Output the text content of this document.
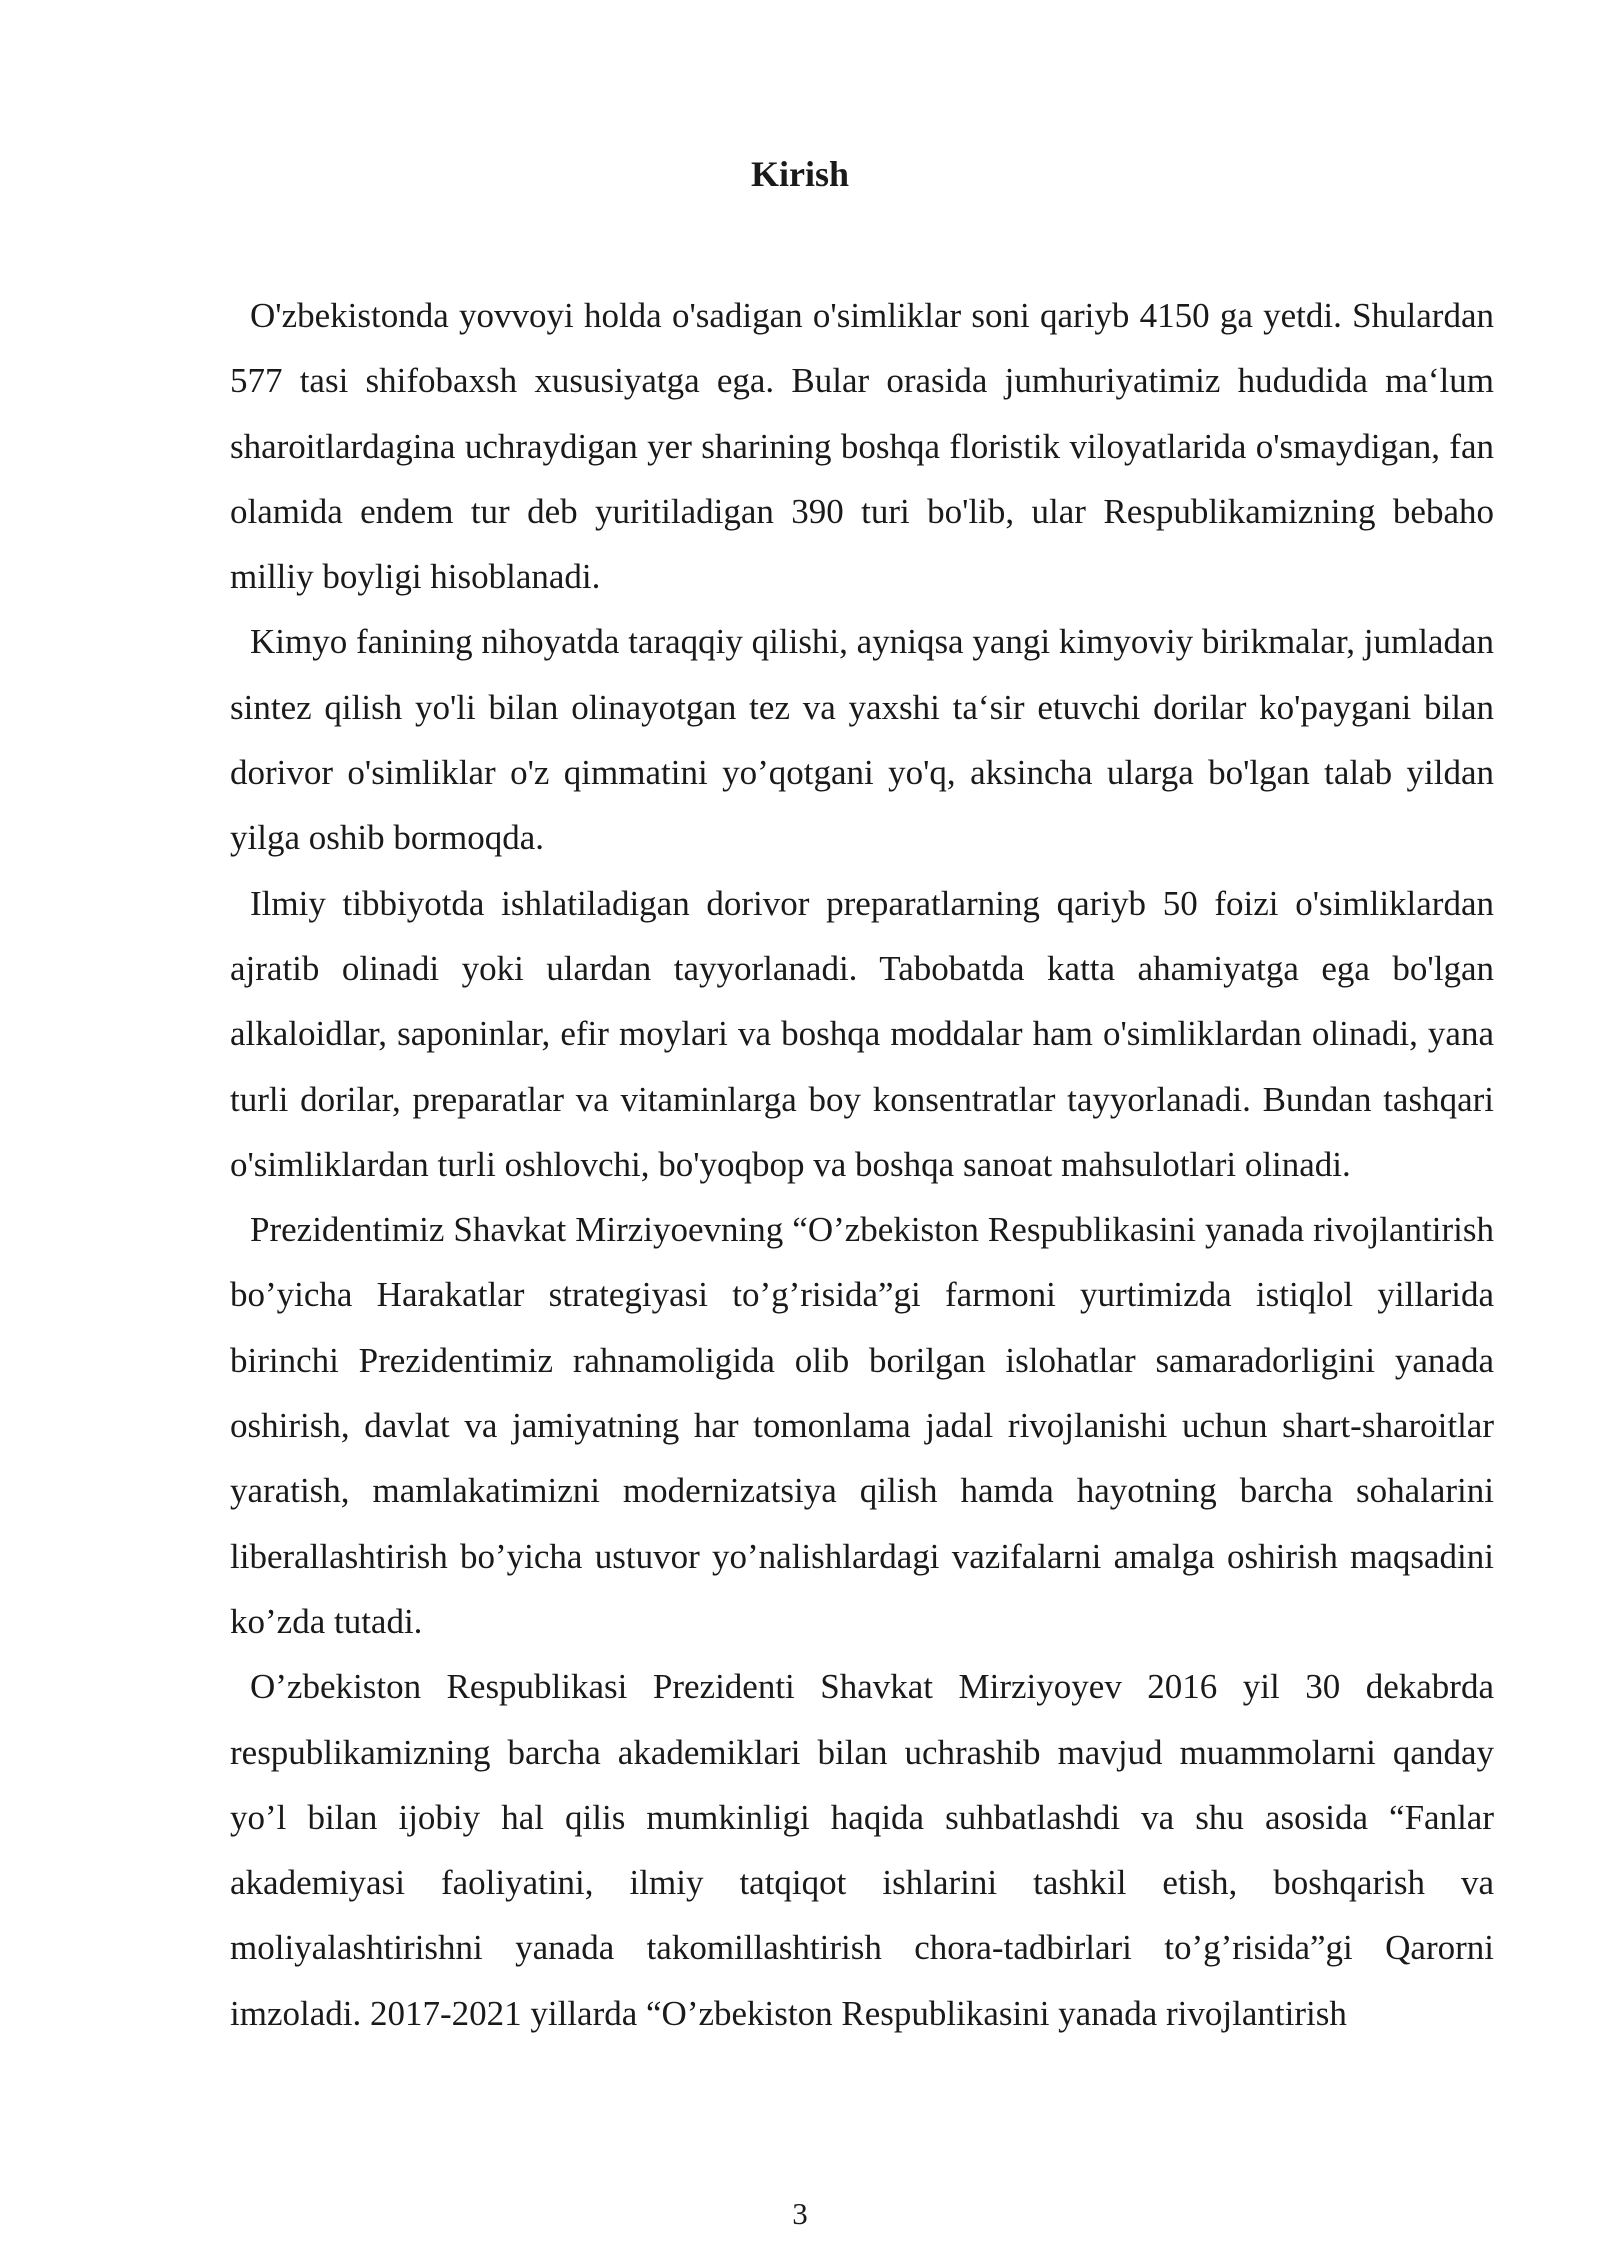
Kirish

O'zbekistonda yovvoyi holda o'sadigan o'simliklar soni qariyb 4150 ga yetdi. Shulardan 577 tasi shifobaxsh xususiyatga ega. Bular orasida jumhuriyatimiz hududida ma‘lum sharoitlardagina uchraydigan yer sharining boshqa floristik viloyatlarida o'smaydigan, fan olamida endem tur deb yuritiladigan 390 turi bo'lib, ular Respublikamizning bebaho milliy boyligi hisoblanadi.

Kimyo fanining nihoyatda taraqqiy qilishi, ayniqsa yangi kimyoviy birikmalar, jumladan sintez qilish yo'li bilan olinayotgan tez va yaxshi ta‘sir etuvchi dorilar ko'paygani bilan dorivor o'simliklar o'z qimmatini yo’qotgani yo'q, aksincha ularga bo'lgan talab yildan yilga oshib bormoqda.

Ilmiy tibbiyotda ishlatiladigan dorivor preparatlarning qariyb 50 foizi o'simliklardan ajratib olinadi yoki ulardan tayyorlanadi. Tabobatda katta ahamiyatga ega bo'lgan alkaloidlar, saponinlar, efir moylari va boshqa moddalar ham o'simliklardan olinadi, yana turli dorilar, preparatlar va vitaminlarga boy konsentratlar tayyorlanadi. Bundan tashqari o'simliklardan turli oshlovchi, bo'yoqbop va boshqa sanoat mahsulotlari olinadi.

Prezidentimiz Shavkat Mirziyoevning “O’zbekiston Respublikasini yanada rivojlantirish bo’yicha Harakatlar strategiyasi to’g’risida”gi farmoni yurtimizda istiqlol yillarida birinchi Prezidentimiz rahnamoligida olib borilgan islohatlar samaradorligini yanada oshirish, davlat va jamiyatning har tomonlama jadal rivojlanishi uchun shart-sharoitlar yaratish, mamlakatimizni modernizatsiya qilish hamda hayotning barcha sohalarini liberallashtirish bo’yicha ustuvor yo’nalishlardagi vazifalarni amalga oshirish maqsadini ko’zda tutadi.

O’zbekiston Respublikasi Prezidenti Shavkat Mirziyoyev 2016 yil 30 dekabrda respublikamizning barcha akademiklari bilan uchrashib mavjud muammolarni qanday yo’l bilan ijobiy hal qilis mumkinligi haqida suhbatlashdi va shu asosida “Fanlar akademiyasi faoliyatini, ilmiy tatqiqot ishlarini tashkil etish, boshqarish va moliyalashtirishni yanada takomillashtirish chora-tadbirlari to’g’risida”gi Qarorni imzoladi. 2017-2021 yillarda “O’zbekiston Respublikasini yanada rivojlantirish

3
